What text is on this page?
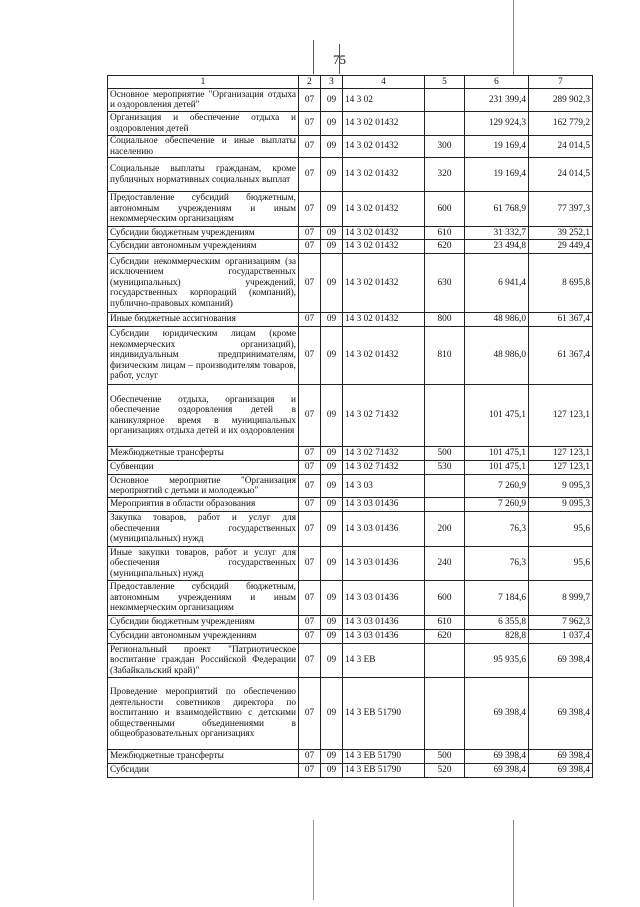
75
1	2	3	4	5	6	7
Основное мероприятие "Организация отдыха и оздоровления детей"	07	09	14 3 02		231 399,4	289 902,3
Организация и обеспечение отдыха и оздоровления детей	07	09	14 3 02 01432		129 924,3	162 779,2
Социальное обеспечение и иные выплаты населению	07	09	14 3 02 01432	300	19 169,4	24 014,5
Социальные выплаты гражданам, кроме публичных нормативных социальных выплат	07	09	14 3 02 01432	320	19 169,4	24 014,5
Предоставление субсидий бюджетным, автономным учреждениям и иным некоммерческим организациям	07	09	14 3 02 01432	600	61 768,9	77 397,3
Субсидии бюджетным учреждениям	07	09	14 3 02 01432	610	31 332,7	39 252,1
Субсидии автономным учреждениям	07	09	14 3 02 01432	620	23 494,8	29 449,4
Субсидии некоммерческим организациям (за исключением государственных (муниципальных) учреждений, государственных корпораций (компаний), публично-правовых компаний)	07	09	14 3 02 01432	630	6 941,4	8 695,8
Иные бюджетные ассигнования	07	09	14 3 02 01432	800	48 986,0	61 367,4
Субсидии юридическим лицам (кроме некоммерческих организаций), индивидуальным предпринимателям, физическим лицам – производителям товаров, работ, услуг	07	09	14 3 02 01432	810	48 986,0	61 367,4
Обеспечение отдыха, организация и обеспечение оздоровления детей в каникулярное время в муниципальных организациях отдыха детей и их оздоровления	07	09	14 3 02 71432		101 475,1	127 123,1
Межбюджетные трансферты	07	09	14 3 02 71432	500	101 475,1	127 123,1
Субвенции	07	09	14 3 02 71432	530	101 475,1	127 123,1
Основное мероприятие "Организация мероприятий с детьми и молодежью"	07	09	14 3 03		7 260,9	9 095,3
Мероприятия в области образования	07	09	14 3 03 01436		7 260,9	9 095,3
Закупка товаров, работ и услуг для обеспечения государственных (муниципальных) нужд	07	09	14 3 03 01436	200	76,3	95,6
Иные закупки товаров, работ и услуг для обеспечения государственных (муниципальных) нужд	07	09	14 3 03 01436	240	76,3	95,6
Предоставление субсидий бюджетным, автономным учреждениям и иным некоммерческим организациям	07	09	14 3 03 01436	600	7 184,6	8 999,7
Субсидии бюджетным учреждениям	07	09	14 3 03 01436	610	6 355,8	7 962,3
Субсидии автономным учреждениям	07	09	14 3 03 01436	620	828,8	1 037,4
Региональный проект "Патриотическое воспитание граждан Российской Федерации (Забайкальский край)"	07	09	14 3 ЕВ		95 935,6	69 398,4
Проведение мероприятий по обеспечению деятельности советников директора по воспитанию и взаимодействию с детскими общественными объединениями в общеобразовательных организациях	07	09	14 3 ЕВ 51790		69 398,4	69 398,4
Межбюджетные трансферты	07	09	14 3 ЕВ 51790	500	69 398,4	69 398,4
Субсидии	07	09	14 3 ЕВ 51790	520	69 398,4	69 398,4
